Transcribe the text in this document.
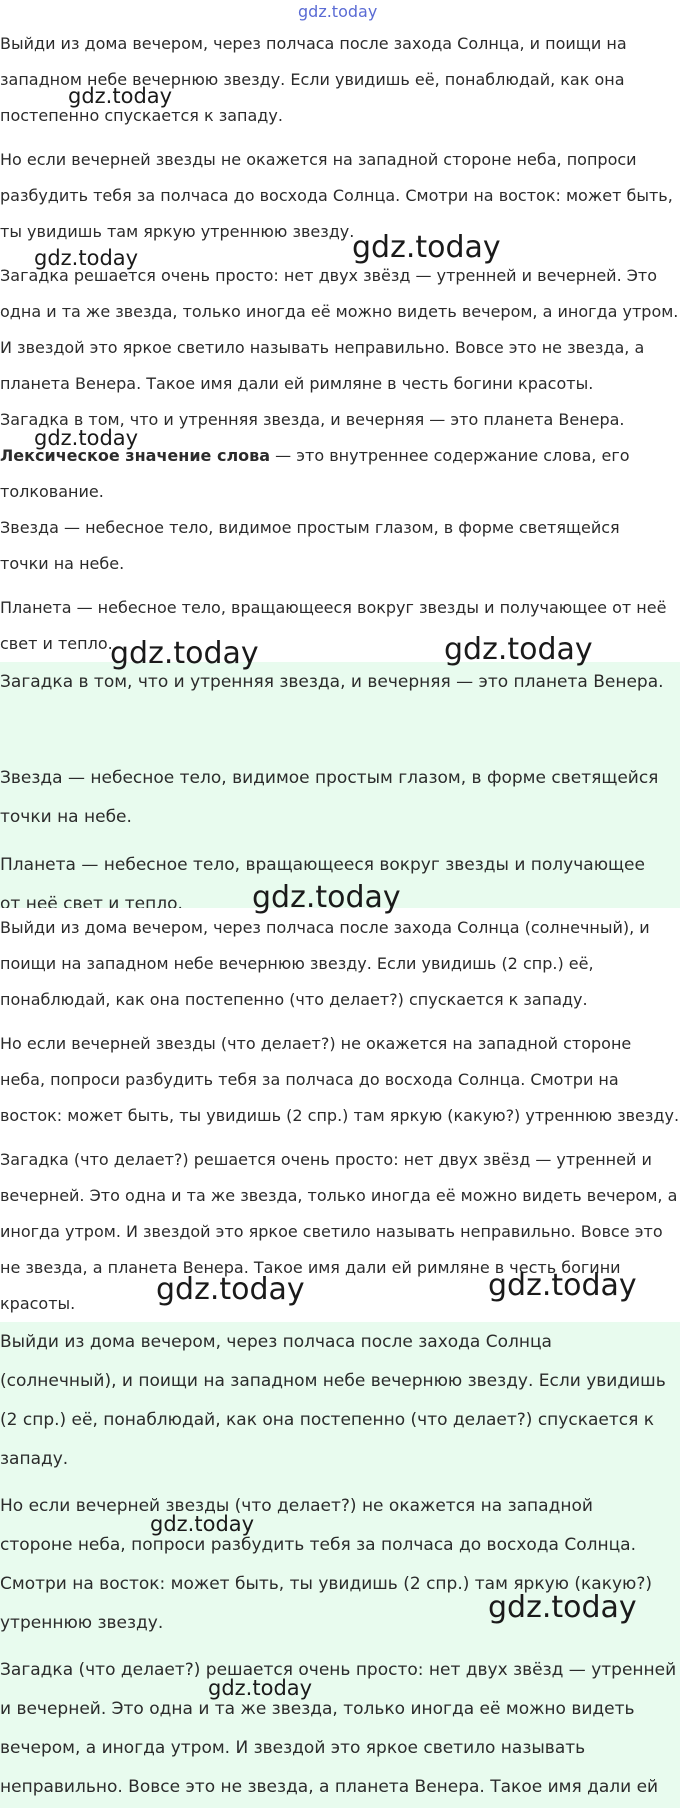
Выйди из дома вечером, через полчаса после захода Солнца, и поищи на
западном небе вечернюю звезду. Если увидишь её, понаблюдай, как она
постепенно спускается к западу.
Но если вечерней звезды не окажется на западной стороне неба, попроси
разбудить тебя за полчаса до восхода Солнца. Смотри на восток: может быть,
ты увидишь там яркую утреннюю звезду.
Загадка решается очень просто: нет двух звёзд — утренней и вечерней. Это
одна и та же звезда, только иногда её можно видеть вечером, а иногда утром.
И звездой это яркое светило называть неправильно. Вовсе это не звезда, а
планета Венера. Такое имя дали ей римляне в честь богини красоты.
Загадка в том, что и утренняя звезда, и вечерняя — это планета Венера.
Лексическое значение слова — это внутреннее содержание слова, его
толкование.
Звезда — небесное тело, видимое простым глазом, в форме светящейся
точки на небе.
Планета — небесное тело, вращающееся вокруг звезды и получающее от неё
свет и тепло.
Загадка в том, что и утренняя звезда, и вечерняя — это планета Венера.
Звезда — небесное тело, видимое простым глазом, в форме светящейся
точки на небе.
Планета — небесное тело, вращающееся вокруг звезды и получающее
от неё свет и тепло.
Выйди из дома вечером, через полчаса после захода Солнца (солнечный), и
поищи на западном небе вечернюю звезду. Если увидишь (2 спр.) её,
понаблюдай, как она постепенно (что делает?) спускается к западу.
Но если вечерней звезды (что делает?) не окажется на западной стороне
неба, попроси разбудить тебя за полчаса до восхода Солнца. Смотри на
восток: может быть, ты увидишь (2 спр.) там яркую (какую?) утреннюю звезду.
Загадка (что делает?) решается очень просто: нет двух звёзд — утренней и
вечерней. Это одна и та же звезда, только иногда её можно видеть вечером, а
иногда утром. И звездой это яркое светило называть неправильно. Вовсе это
не звезда, а планета Венера. Такое имя дали ей римляне в честь богини
красоты.
Выйди из дома вечером, через полчаса после захода Солнца
(солнечный), и поищи на западном небе вечернюю звезду. Если увидишь
(2 спр.) её, понаблюдай, как она постепенно (что делает?) спускается к
западу.
Но если вечерней звезды (что делает?) не окажется на западной
стороне неба, попроси разбудить тебя за полчаса до восхода Солнца.
Смотри на восток: может быть, ты увидишь (2 спр.) там яркую (какую?)
утреннюю звезду.
Загадка (что делает?) решается очень просто: нет двух звёзд — утренней
и вечерней. Это одна и та же звезда, только иногда её можно видеть
вечером, а иногда утром. И звездой это яркое светило называть
неправильно. Вовсе это не звезда, а планета Венера. Такое имя дали ей
gdz.today
gdz.today
gdz.today	gdz.today
gdz.today
gdz.today	gdz.today
gdz.today
gdz.today	gdz.today
gdz.today
gdz.today
gdz.today
